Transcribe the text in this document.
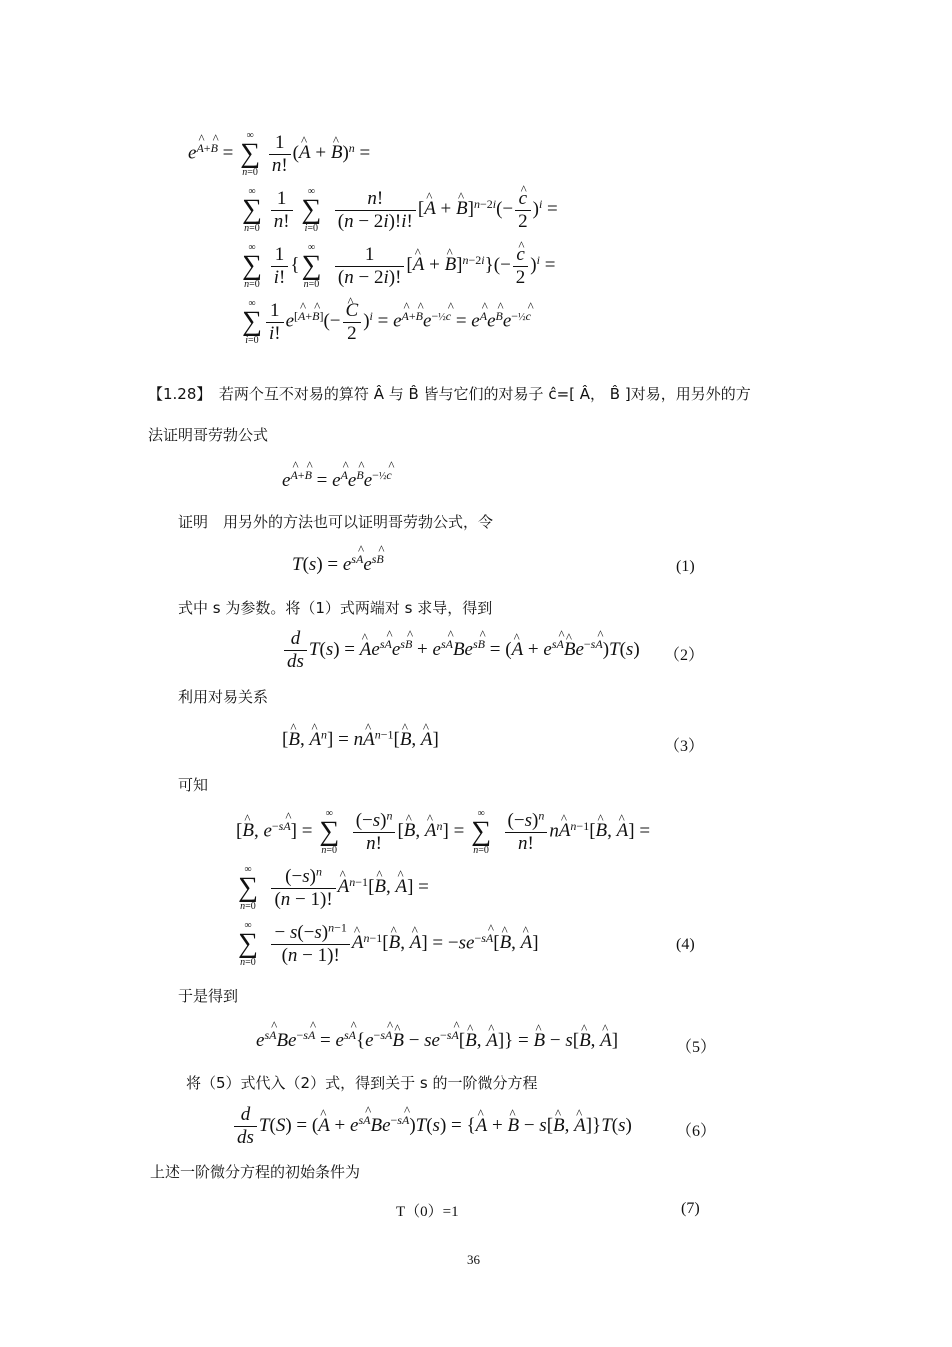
$e^{A+B}$ =
∞
∑
n=0
$\frac{1}{n!}$ (^ A + ^ B)$^n$ =
∞
∑
n=0
$\frac{1}{n!}$
	∞
∑
i=0
$\frac{n!}{(n - 2i)!i!}$ [^ A + ^ B]$^{n-2i}$(− ^ $\frac{c}{2} )^i$ =
∞
∑
n=0
$\frac{1}{i!}$ {
∞
∑
n=0
$\frac{1}{(n - 2i)!}$ [^ A + ^ B]$^{n-2i}$}(− ^ $\frac{c}{2} )^i$ =
∞
∑
$i=0 \frac{1}{i!} e[A+B](-$ ^ $\frac{C}{2} )^i = e^{A+B}e^{-\frac{1}{2}c} = e^Ae^Be^{-\frac{1}{2}c}$
【1.28】　 若两个互不对易的算符 Â 与 B̂ 皆与它们的对易子 ĉ=[ Â， B̂ ]对易，用另外的方
法证明哥劳勃公式
$e^{A+B} = e^Ae^Be^{-\frac{1}{2}c}$
证明　用另外的方法也可以证明哥劳勃公式，令
$T(s) = e^{sA}e^{sB}$	(1)
式中 s 为参数。将（1）式两端对 s 求导，得到
$\frac{d}{ds} T(s)$ = ^ $Ae^{sA}e^{sB} + e^{sA}Be^{sB}$ = (^ $A + e^{sA}\^{}$ $Be^{-sA})T(s)$ （2）
利用对易关系
[^ B, ^ $A^n$] = n^ $A^{n-1}[\^{}$ B, ^ A]	（3）
可知
[^ B, $e^{-sA}$] =
∞
∑
n=0
$\frac{(-s)^n}{n!}$ [^ B, ^ $A^n$] =
∞
∑
n=0
$\frac{(-s)^n}{n!}$ n^ $A^{n-1}[\^{}$ B, ^ A] =
∞
∑
n=0
$\frac{(-s)^n}{(n - 1)!}$ ^ $A^{n-1}[\^{}$ B, ^ A] =
∞
∑
n=0
$\frac{- s(-s)^{n-1}}{(n - 1)!}$ ^ $A^{n-1}[\^{}$ B, ^ $A] = -se^{-sA}[\^{}$ B, ^ A]	(4)
于是得到
$e^{sA}Be^{-sA}$ = $e^{sA}\{e^{-sA}\^{}$ $B - se^{-sA}[\^{}$ B, ^ A]} = ^ B − s[^ B, ^ A]	（5）
将（5）式代入（2）式，得到关于 s 的一阶微分方程
$\frac{d}{ds} T(S)$ = (^ $A + e^{sA}Be^{-sA})T(s)$ = {^ A + ^ B − s[^ B, ^ A]}T(s)	（6）
上述一阶微分方程的初始条件为
T（0）=1	(7)
36
